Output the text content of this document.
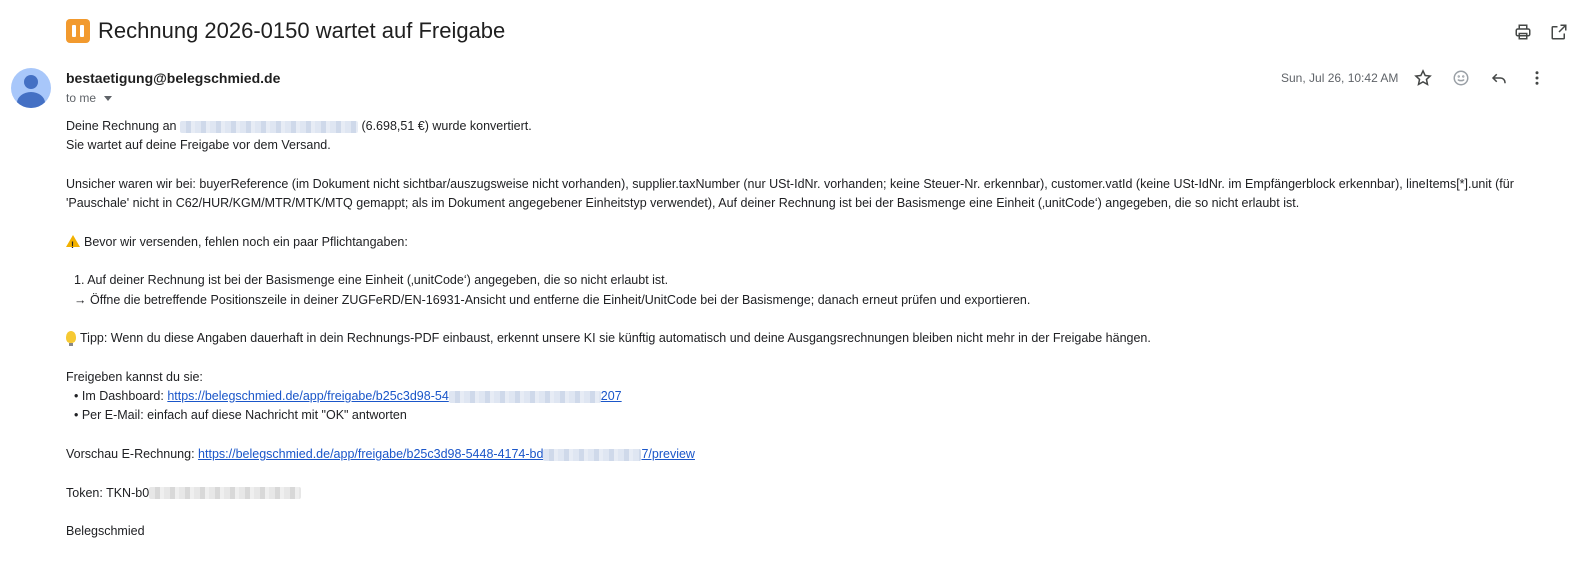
Rechnung 2026-0150 wartet auf Freigabe
bestaetigung@belegschmied.de
to me
Sun, Jul 26, 10:42 AM

Deine Rechnung an	(6.698,51 €) wurde konvertiert.

Sie wartet auf deine Freigabe vor dem Versand.

Unsicher waren wir bei: buyerReference (im Dokument nicht sichtbar/auszugsweise nicht vorhanden), supplier.taxNumber (nur USt-IdNr. vorhanden; keine Steuer-Nr. erkennbar), customer.vatId (keine USt-IdNr. im Empfängerblock erkennbar), lineItems[*].unit (für 'Pauschale' nicht in C62/HUR/KGM/MTR/MTK/MTQ gemappt; als im Dokument angegebener Einheitstyp verwendet), Auf deiner Rechnung ist bei der Basismenge eine Einheit (‚unitCode‘) angegeben, die so nicht erlaubt ist.

!Bevor wir versenden, fehlen noch ein paar Pflichtangaben:

1. Auf deiner Rechnung ist bei der Basismenge eine Einheit (‚unitCode‘) angegeben, die so nicht erlaubt ist.

→ Öffne die betreffende Positionszeile in deiner ZUGFeRD/EN-16931-Ansicht und entferne die Einheit/UnitCode bei der Basismenge; danach erneut prüfen und exportieren.

Tipp: Wenn du diese Angaben dauerhaft in dein Rechnungs-PDF einbaust, erkennt unsere KI sie künftig automatisch und deine Ausgangsrechnungen bleiben nicht mehr in der Freigabe hängen.

Freigeben kannst du sie:

• Im Dashboard: https://belegschmied.de/app/freigabe/b25c3d98-54	207

• Per E-Mail: einfach auf diese Nachricht mit "OK" antworten

Vorschau E-Rechnung: https://belegschmied.de/app/freigabe/b25c3d98-5448-4174-bd	7/preview

Token: TKN-b0

Belegschmied
